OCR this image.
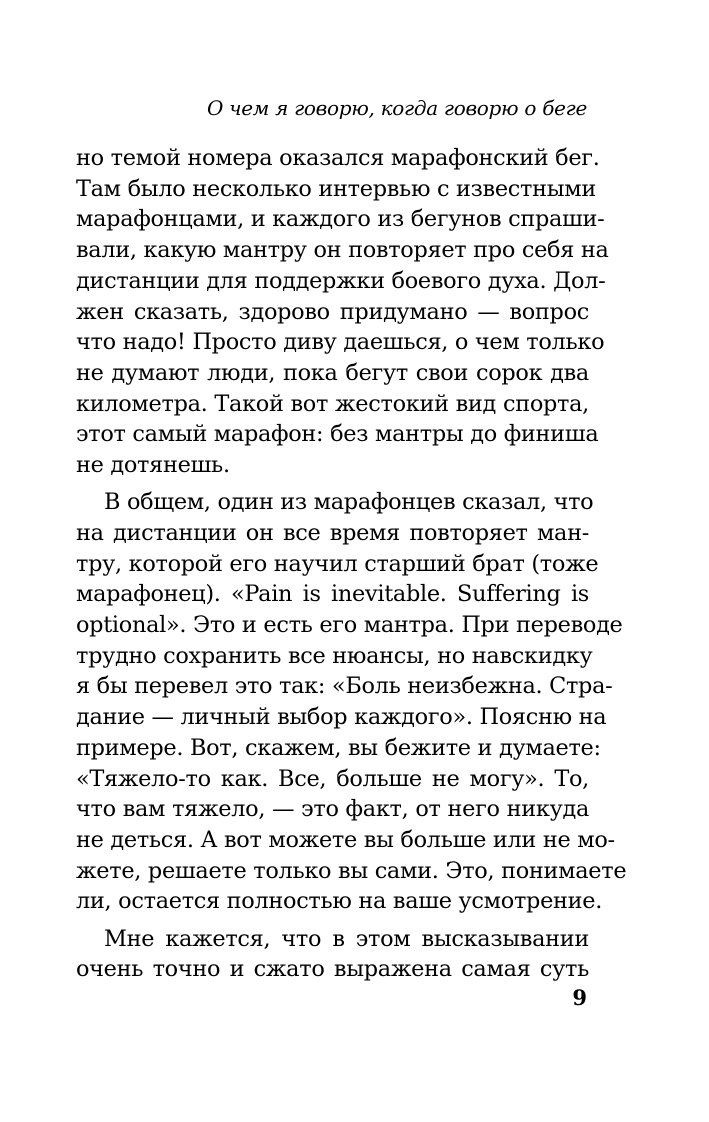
О чем я говорю, когда говорю о беге
но темой номера оказался марафонский бег.
Там было несколько интервью с известными
марафонцами, и каждого из бегунов спраши-
вали, какую мантру он повторяет про себя на
дистанции для поддержки боевого духа. Дол-
жен сказать, здорово придумано — вопрос
что надо! Просто диву даешься, о чем только
не думают люди, пока бегут свои сорок два
километра. Такой вот жестокий вид спорта,
этот самый марафон: без мантры до финиша
не дотянешь.
В общем, один из марафонцев сказал, что
на дистанции он все время повторяет ман-
тру, которой его научил старший брат (тоже
марафонец). «Pain is inevitable. Suffering is
optional». Это и есть его мантра. При переводе
трудно сохранить все нюансы, но навскидку
я бы перевел это так: «Боль неизбежна. Стра-
дание — личный выбор каждого». Поясню на
примере. Вот, скажем, вы бежите и думаете:
«Тяжело-то как. Все, больше не могу». То,
что вам тяжело, — это факт, от него никуда
не деться. А вот можете вы больше или не мо-
жете, решаете только вы сами. Это, понимаете
ли, остается полностью на ваше усмотрение.
Мне кажется, что в этом высказывании
очень точно и сжато выражена самая суть
9
